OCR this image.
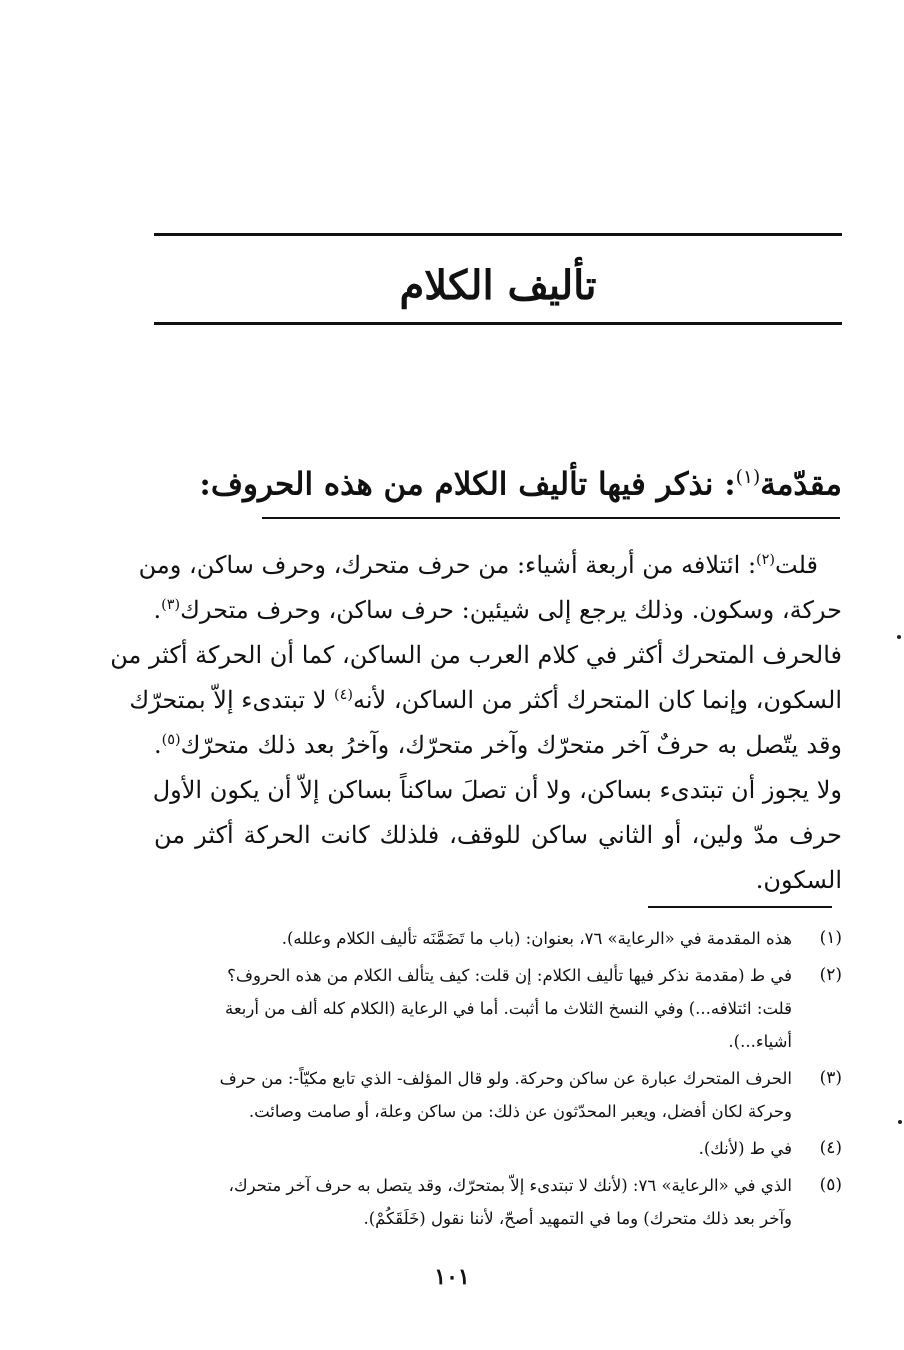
تأليف الكلام
مقدّمة$^{(١)}$: نذكر فيها تأليف الكلام من هذه الحروف:
قلت$^{(٢)}$: ائتلافه من أربعة أشياء: من حرف متحرك، وحرف ساكن، ومن
حركة، وسكون. وذلك يرجع إلى شيئين: حرف ساكن، وحرف متحرك$^{(٣)}$.
فالحرف المتحرك أكثر في كلام العرب من الساكن، كما أن الحركة أكثر من
السكون، وإنما كان المتحرك أكثر من الساكن، لأنه$^{(٤)}$ لا تبتدىء إلاّ بمتحرّك
وقد يتّصل به حرفٌ آخر متحرّك وآخر متحرّك، وآخرُ بعد ذلك متحرّك$^{(٥)}$.
ولا يجوز أن تبتدىء بساكن، ولا أن تصلَ ساكناً بساكن إلاّ أن يكون الأول
حرف مدّ ولين، أو الثاني ساكن للوقف، فلذلك كانت الحركة أكثر من
السكون.
(١)
هذه المقدمة في «الرعاية» ٧٦، بعنوان: (باب ما تَضَمَّنَه تأليف الكلام وعلله).
(٢)
في ط (مقدمة نذكر فيها تأليف الكلام: إن قلت: كيف يتألف الكلام من هذه الحروف؟
قلت: ائتلافه...) وفي النسخ الثلاث ما أثبت. أما في الرعاية (الكلام كله ألف من أربعة
أشياء...).
(٣)
الحرف المتحرك عبارة عن ساكن وحركة. ولو قال المؤلف- الذي تابع مكيّاً-: من حرف
وحركة لكان أفضل، ويعبر المحدّثون عن ذلك: من ساكن وعلة، أو صامت وصائت.
(٤)
في ط (لأنك).
(٥)
الذي في «الرعاية» ٧٦: (لأنك لا تبتدىء إلاّ بمتحرّك، وقد يتصل به حرف آخر متحرك،
وآخر بعد ذلك متحرك) وما في التمهيد أصحّ، لأننا نقول (خَلَقَكُمْ).
١٠١
